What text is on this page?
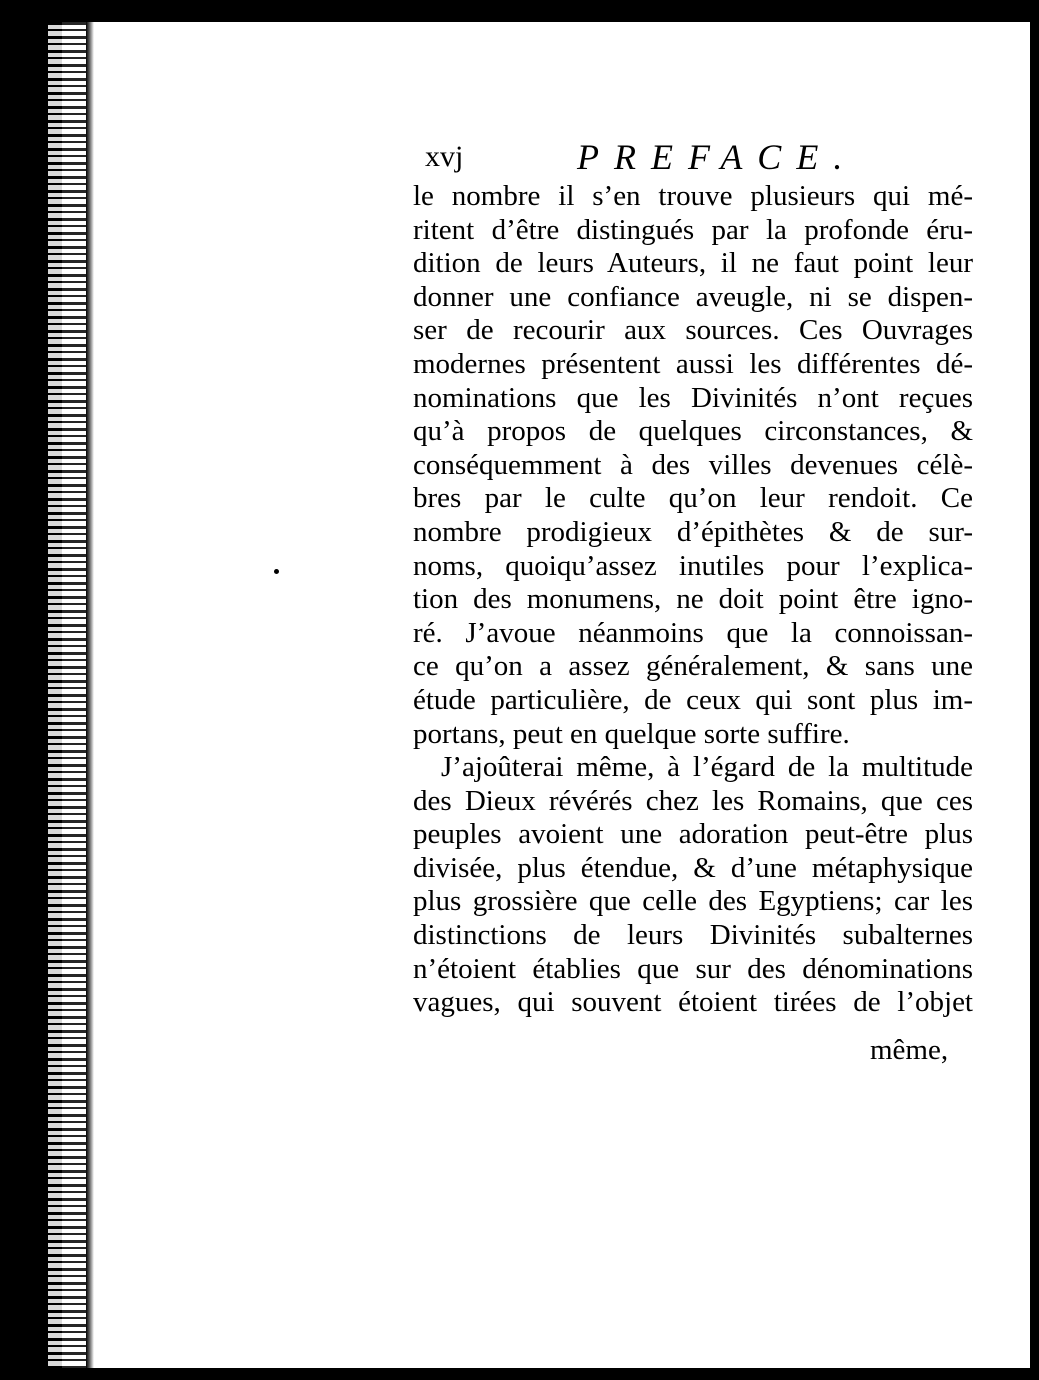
xvj	PREFACE.
le nombre il s’en trouve plusieurs qui mé-
ritent d’être distingués par la profonde éru-
dition de leurs Auteurs, il ne faut point leur
donner une confiance aveugle, ni se dispen-
ser de recourir aux sources. Ces Ouvrages
modernes présentent aussi les différentes dé-
nominations que les Divinités n’ont reçues
qu’à propos de quelques circonstances, &
conséquemment à des villes devenues célè-
bres par le culte qu’on leur rendoit. Ce
nombre prodigieux d’épithètes & de sur-
noms, quoiqu’assez inutiles pour l’explica-
tion des monumens, ne doit point être igno-
ré. J’avoue néanmoins que la connoissan-
ce qu’on a assez généralement, & sans une
étude particulière, de ceux qui sont plus im-
portans, peut en quelque sorte suffire.
J’ajoûterai même, à l’égard de la multitude
des Dieux révérés chez les Romains, que ces
peuples avoient une adoration peut-être plus
divisée, plus étendue, & d’une métaphysique
plus grossière que celle des Egyptiens; car les
distinctions de leurs Divinités subalternes
n’étoient établies que sur des dénominations
vagues, qui souvent étoient tirées de l’objet
même,
